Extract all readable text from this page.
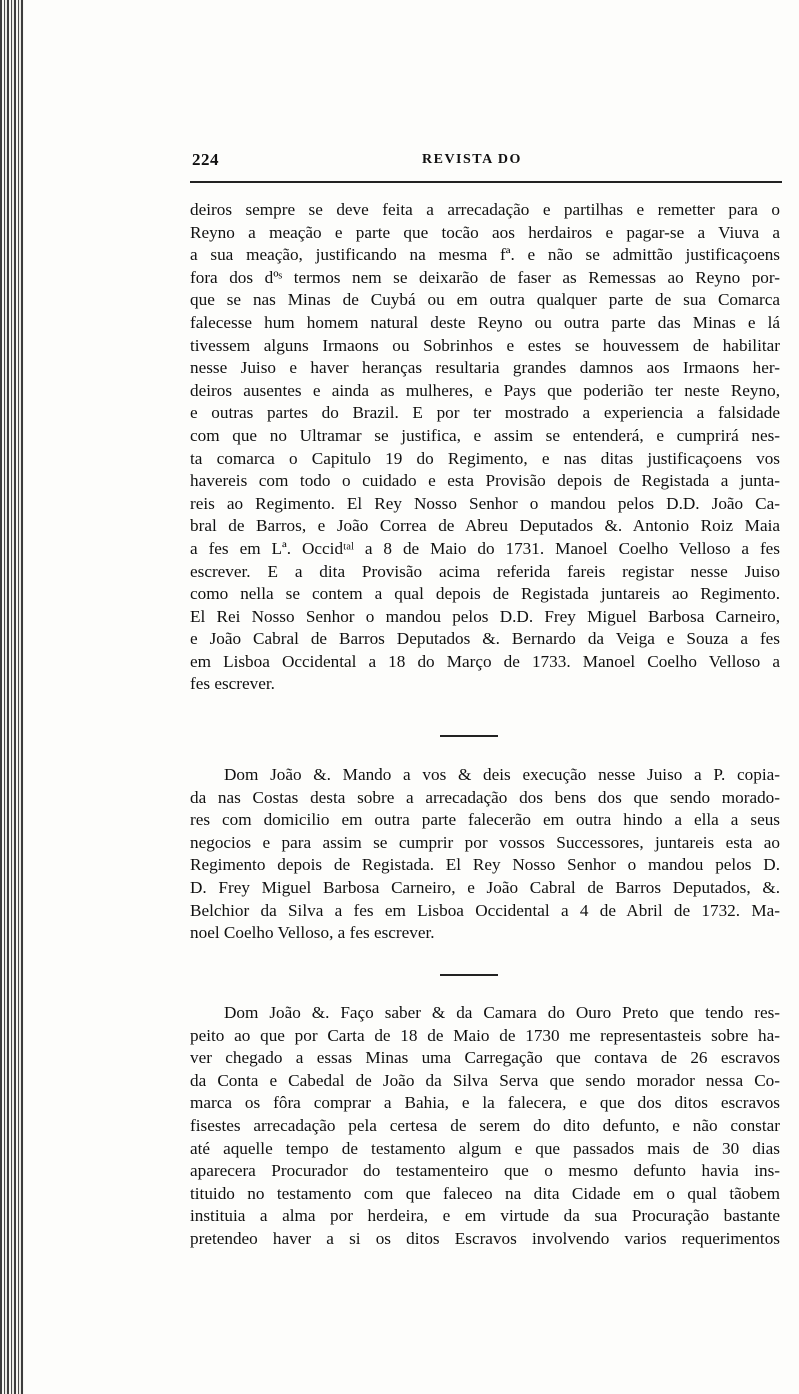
224	REVISTA DO
deiros sempre se deve feita a arrecadação e partilhas e remetter para o
Reyno a meação e parte que tocão aos herdairos e pagar-se a Viuva a
a sua meação, justificando na mesma fª. e não se admittão justificaçoens
fora dos dºˢ termos nem se deixarão de faser as Remessas ao Reyno por-
que se nas Minas de Cuybá ou em outra qualquer parte de sua Comarca
falecesse hum homem natural deste Reyno ou outra parte das Minas e lá
tivessem alguns Irmaons ou Sobrinhos e estes se houvessem de habilitar
nesse Juiso e haver heranças resultaria grandes damnos aos Irmaons her-
deiros ausentes e ainda as mulheres, e Pays que poderião ter neste Reyno,
e outras partes do Brazil. E por ter mostrado a experiencia a falsidade
com que no Ultramar se justifica, e assim se entenderá, e cumprirá nes-
ta comarca o Capitulo 19 do Regimento, e nas ditas justificaçoens vos
havereis com todo o cuidado e esta Provisão depois de Registada a junta-
reis ao Regimento. El Rey Nosso Senhor o mandou pelos D.D. João Ca-
bral de Barros, e João Correa de Abreu Deputados &. Antonio Roiz Maia
a fes em Lª. Occidᵗᵃˡ a 8 de Maio do 1731. Manoel Coelho Velloso a fes
escrever. E a dita Provisão acima referida fareis registar nesse Juiso
como nella se contem a qual depois de Registada juntareis ao Regimento.
El Rei Nosso Senhor o mandou pelos D.D. Frey Miguel Barbosa Carneiro,
e João Cabral de Barros Deputados &. Bernardo da Veiga e Souza a fes
em Lisboa Occidental a 18 do Março de 1733. Manoel Coelho Velloso a
fes escrever.
Dom João &. Mando a vos & deis execução nesse Juiso a P. copia-
da nas Costas desta sobre a arrecadação dos bens dos que sendo morado-
res com domicilio em outra parte falecerão em outra hindo a ella a seus
negocios e para assim se cumprir por vossos Successores, juntareis esta ao
Regimento depois de Registada. El Rey Nosso Senhor o mandou pelos D.
D. Frey Miguel Barbosa Carneiro, e João Cabral de Barros Deputados, &.
Belchior da Silva a fes em Lisboa Occidental a 4 de Abril de 1732. Ma-
noel Coelho Velloso, a fes escrever.
Dom João &. Faço saber & da Camara do Ouro Preto que tendo res-
peito ao que por Carta de 18 de Maio de 1730 me representasteis sobre ha-
ver chegado a essas Minas uma Carregação que contava de 26 escravos
da Conta e Cabedal de João da Silva Serva que sendo morador nessa Co-
marca os fôra comprar a Bahia, e la falecera, e que dos ditos escravos
fisestes arrecadação pela certesa de serem do dito defunto, e não constar
até aquelle tempo de testamento algum e que passados mais de 30 dias
aparecera Procurador do testamenteiro que o mesmo defunto havia ins-
tituido no testamento com que faleceo na dita Cidade em o qual tãobem
instituia a alma por herdeira, e em virtude da sua Procuração bastante
pretendeo haver a si os ditos Escravos involvendo varios requerimentos
